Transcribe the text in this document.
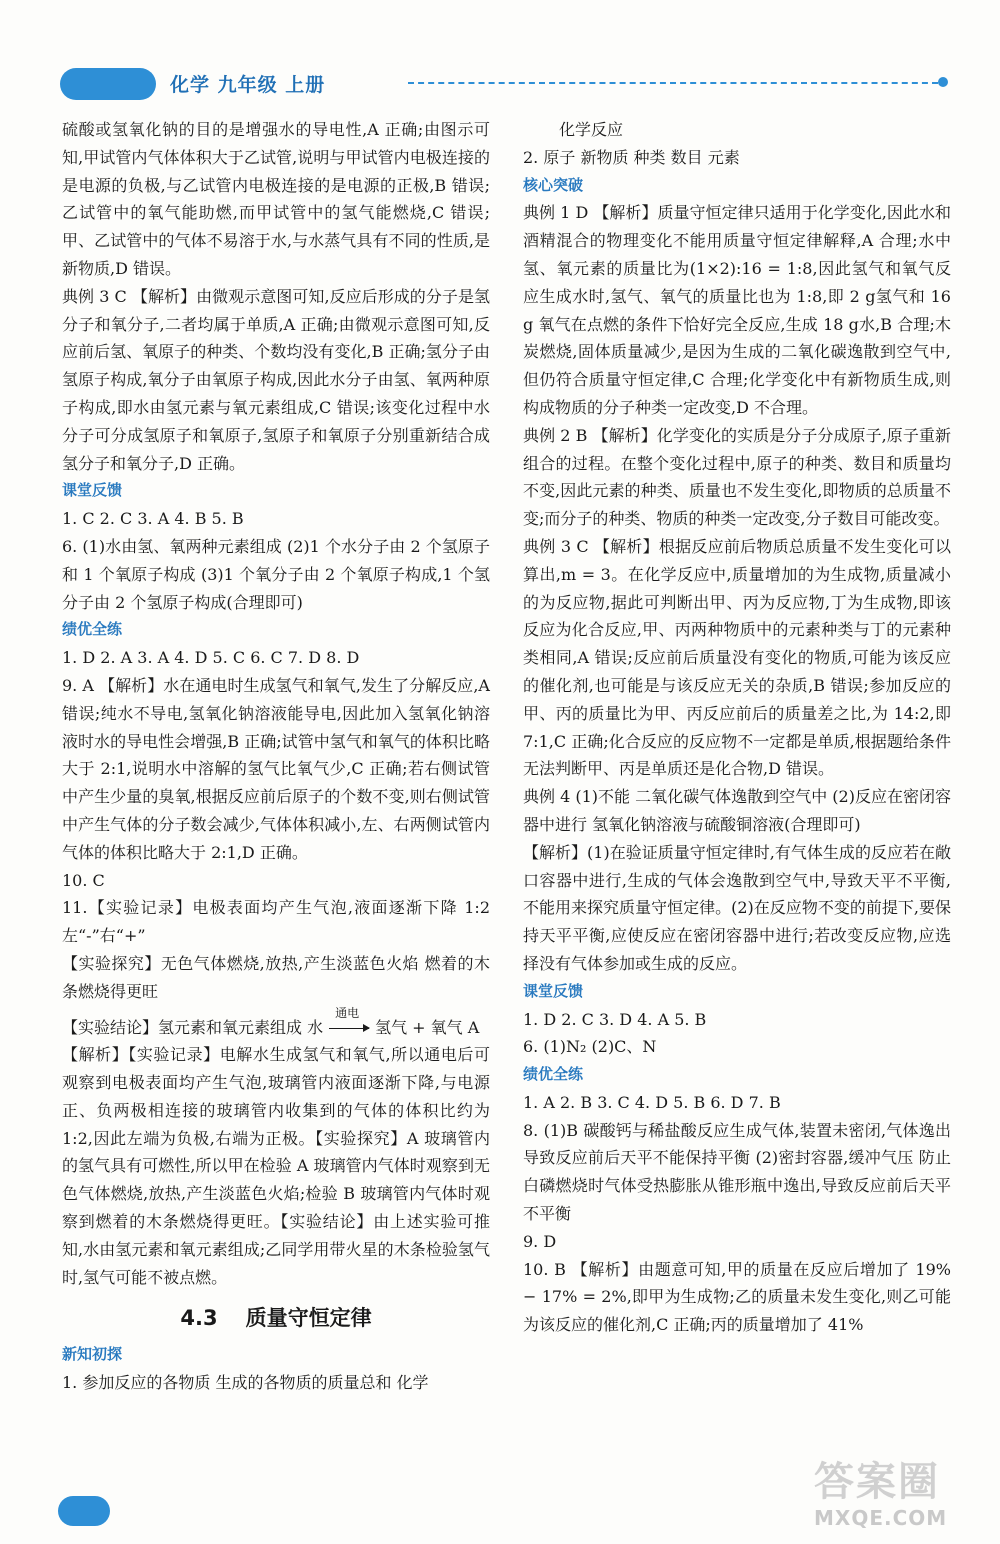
化学 九年级 上册

硫酸或氢氧化钠的目的是增强水的导电性,A 正确;由图示可知,甲试管内气体体积大于乙试管,说明与甲试管内电极连接的是电源的负极,与乙试管内电极连接的是电源的正极,B 错误;乙试管中的氧气能助燃,而甲试管中的氢气能燃烧,C 错误;甲、乙试管中的气体不易溶于水,与水蒸气具有不同的性质,是新物质,D 错误。

典例 3 C 【解析】由微观示意图可知,反应后形成的分子是氢分子和氧分子,二者均属于单质,A 正确;由微观示意图可知,反应前后氢、氧原子的种类、个数均没有变化,B 正确;氢分子由氢原子构成,氧分子由氧原子构成,因此水分子由氢、氧两种原子构成,即水由氢元素与氧元素组成,C 错误;该变化过程中水分子可分成氢原子和氧原子,氢原子和氧原子分别重新结合成氢分子和氧分子,D 正确。

课堂反馈

1. C 2. C 3. A 4. B 5. B

6. (1)水由氢、氧两种元素组成 (2)1 个水分子由 2 个氢原子和 1 个氧原子构成 (3)1 个氧分子由 2 个氧原子构成,1 个氢分子由 2 个氢原子构成(合理即可)

绩优全练

1. D 2. A 3. A 4. D 5. C 6. C 7. D 8. D

9. A 【解析】水在通电时生成氢气和氧气,发生了分解反应,A 错误;纯水不导电,氢氧化钠溶液能导电,因此加入氢氧化钠溶液时水的导电性会增强,B 正确;试管中氢气和氧气的体积比略大于 2:1,说明水中溶解的氢气比氧气少,C 正确;若右侧试管中产生少量的臭氧,根据反应前后原子的个数不变,则右侧试管中产生气体的分子数会减少,气体体积减小,左、右两侧试管内气体的体积比略大于 2:1,D 正确。

10. C

11.【实验记录】电极表面均产生气泡,液面逐渐下降 1:2 左“-”右“+”

【实验探究】无色气体燃烧,放热,产生淡蓝色火焰 燃着的木条燃烧得更旺

【实验结论】氢元素和氧元素组成 水
通电
氢气 + 氧气 A

【解析】【实验记录】电解水生成氢气和氧气,所以通电后可观察到电极表面均产生气泡,玻璃管内液面逐渐下降,与电源正、负两极相连接的玻璃管内收集到的气体的体积比约为 1:2,因此左端为负极,右端为正极。【实验探究】A 玻璃管内的氢气具有可燃性,所以甲在检验 A 玻璃管内气体时观察到无色气体燃烧,放热,产生淡蓝色火焰;检验 B 玻璃管内气体时观察到燃着的木条燃烧得更旺。【实验结论】由上述实验可推知,水由氢元素和氧元素组成;乙同学用带火星的木条检验氢气时,氢气可能不被点燃。

4.3 质量守恒定律

新知初探

1. 参加反应的各物质 生成的各物质的质量总和 化学

化学反应

2. 原子 新物质 种类 数目 元素

核心突破

典例 1 D 【解析】质量守恒定律只适用于化学变化,因此水和酒精混合的物理变化不能用质量守恒定律解释,A 合理;水中氢、氧元素的质量比为(1×2):16 = 1:8,因此氢气和氧气反应生成水时,氢气、氧气的质量比也为 1:8,即 2 g氢气和 16 g 氧气在点燃的条件下恰好完全反应,生成 18 g水,B 合理;木炭燃烧,固体质量减少,是因为生成的二氧化碳逸散到空气中,但仍符合质量守恒定律,C 合理;化学变化中有新物质生成,则构成物质的分子种类一定改变,D 不合理。

典例 2 B 【解析】化学变化的实质是分子分成原子,原子重新组合的过程。在整个变化过程中,原子的种类、数目和质量均不变,因此元素的种类、质量也不发生变化,即物质的总质量不变;而分子的种类、物质的种类一定改变,分子数目可能改变。

典例 3 C 【解析】根据反应前后物质总质量不发生变化可以算出,m = 3。在化学反应中,质量增加的为生成物,质量减小的为反应物,据此可判断出甲、丙为反应物,丁为生成物,即该反应为化合反应,甲、丙两种物质中的元素种类与丁的元素种类相同,A 错误;反应前后质量没有变化的物质,可能为该反应的催化剂,也可能是与该反应无关的杂质,B 错误;参加反应的甲、丙的质量比为甲、丙反应前后的质量差之比,为 14:2,即 7:1,C 正确;化合反应的反应物不一定都是单质,根据题给条件无法判断甲、丙是单质还是化合物,D 错误。

典例 4 (1)不能 二氧化碳气体逸散到空气中 (2)反应在密闭容器中进行 氢氧化钠溶液与硫酸铜溶液(合理即可)

【解析】(1)在验证质量守恒定律时,有气体生成的反应若在敞口容器中进行,生成的气体会逸散到空气中,导致天平不平衡,不能用来探究质量守恒定律。(2)在反应物不变的前提下,要保持天平平衡,应使反应在密闭容器中进行;若改变反应物,应选择没有气体参加或生成的反应。

课堂反馈

1. D 2. C 3. D 4. A 5. B

6. (1)N₂ (2)C、N

绩优全练

1. A 2. B 3. C 4. D 5. B 6. D 7. B

8. (1)B 碳酸钙与稀盐酸反应生成气体,装置未密闭,气体逸出导致反应前后天平不能保持平衡 (2)密封容器,缓冲气压 防止白磷燃烧时气体受热膨胀从锥形瓶中逸出,导致反应前后天平不平衡

9. D

10. B 【解析】由题意可知,甲的质量在反应后增加了 19% − 17% = 2%,即甲为生成物;乙的质量未发生变化,则乙可能为该反应的催化剂,C 正确;丙的质量增加了 41%

答案圈
MXQE.COM
